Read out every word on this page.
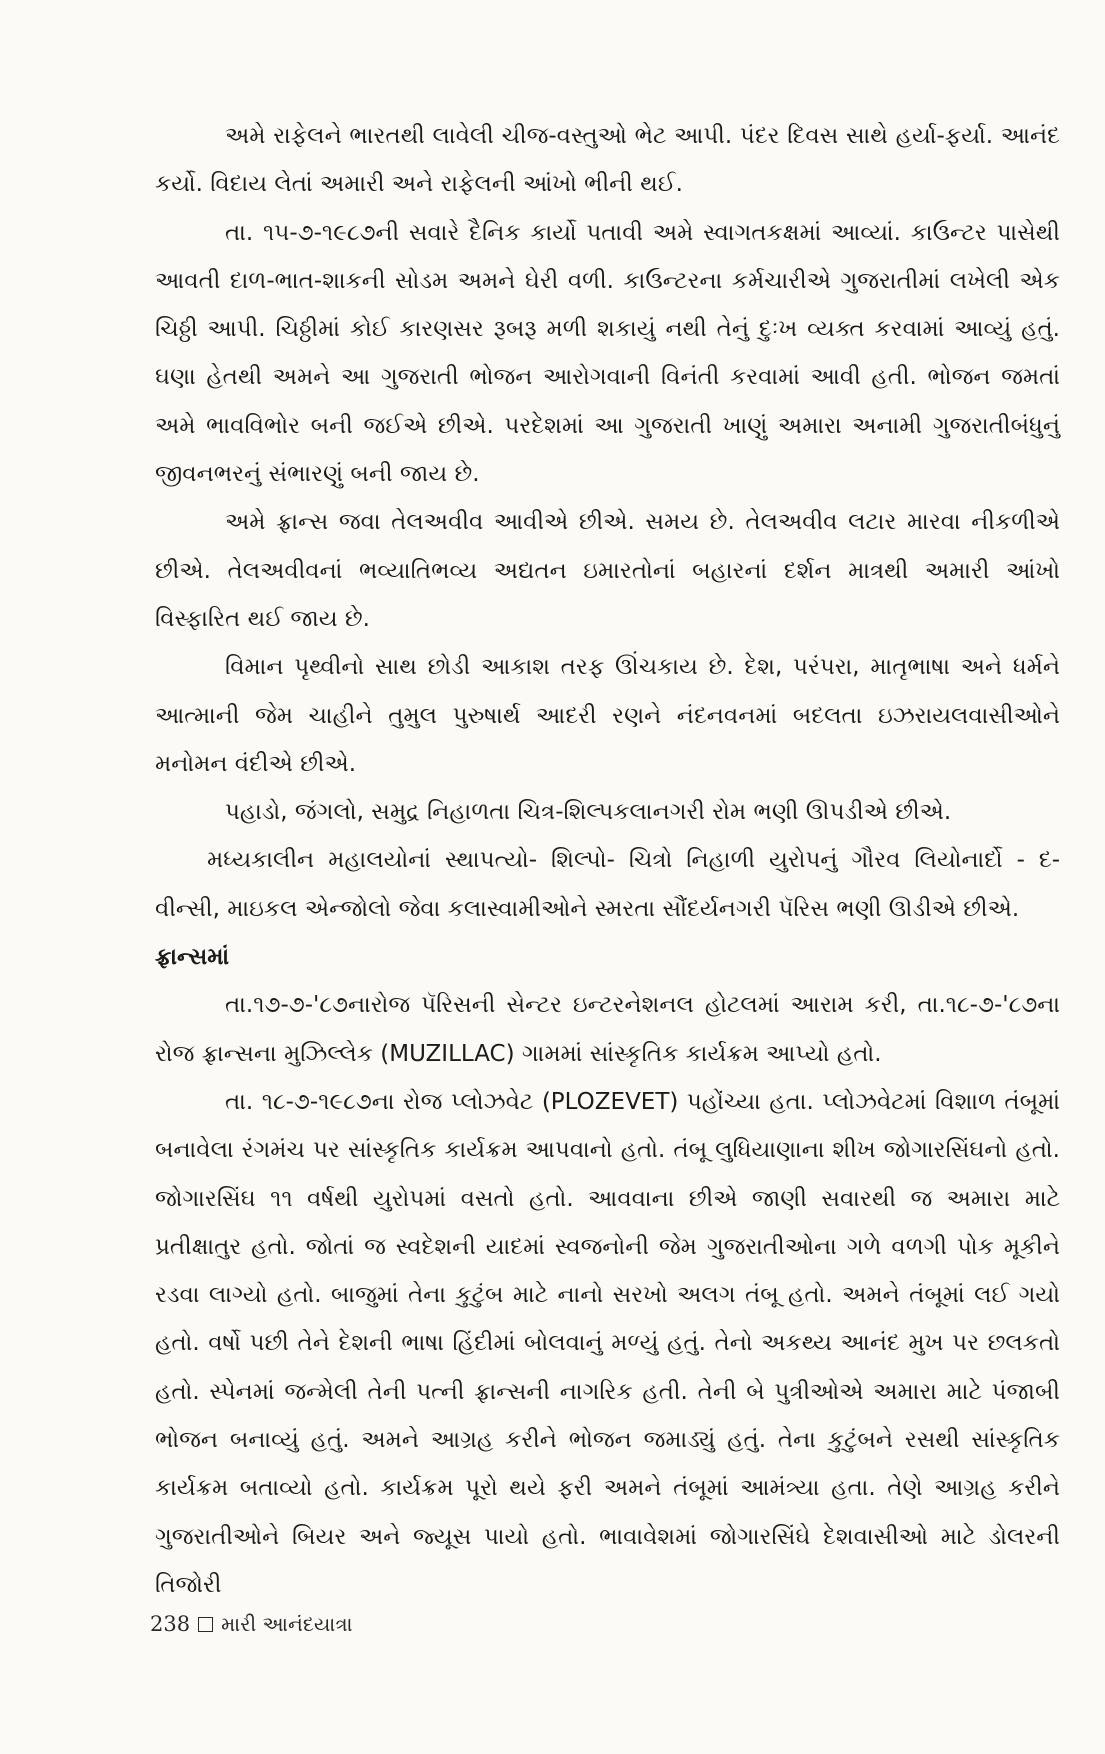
અમે રાફેલને ભારતથી લાવેલી ચીજ-વસ્તુઓ ભેટ આપી. પંદર દિવસ સાથે હર્યા-ફર્યા. આનંદ કર્યો. વિદાય લેતાં અમારી અને રાફેલની આંખો ભીની થઈ.

તા. ૧૫-૭-૧૯૮૭ની સવારે દૈનિક કાર્યો પતાવી અમે સ્વાગતકક્ષમાં આવ્યાં. કાઉન્ટર પાસેથી આવતી દાળ-ભાત-શાકની સોડમ અમને ઘેરી વળી. કાઉન્ટરના કર્મચારીએ ગુજરાતીમાં લખેલી એક ચિઠ્ઠી આપી. ચિઠ્ઠીમાં કોઈ કારણસર રૂબરૂ મળી શકાયું નથી તેનું દુઃખ વ્યક્ત કરવામાં આવ્યું હતું. ઘણા હેતથી અમને આ ગુજરાતી ભોજન આરોગવાની વિનંતી કરવામાં આવી હતી. ભોજન જમતાં અમે ભાવવિભોર બની જઈએ છીએ. પરદેશમાં આ ગુજરાતી ખાણું અમારા અનામી ગુજરાતીબંધુનું જીવનભરનું સંભારણું બની જાય છે.

અમે ફ્રાન્સ જવા તેલઅવીવ આવીએ છીએ. સમય છે. તેલઅવીવ લટાર મારવા નીકળીએ છીએ. તેલઅવીવનાં ભવ્યાતિભવ્ય અદ્યતન ઇમારતોનાં બહારનાં દર્શન માત્રથી અમારી આંખો વિસ્ફારિત થઈ જાય છે.

વિમાન પૃથ્વીનો સાથ છોડી આકાશ તરફ ઊંચકાય છે. દેશ, પરંપરા, માતૃભાષા અને ધર્મને આત્માની જેમ ચાહીને તુમુલ પુરુષાર્થ આદરી રણને નંદનવનમાં બદલતા ઇઝરાયલવાસીઓને મનોમન વંદીએ છીએ.

પહાડો, જંગલો, સમુદ્ર નિહાળતા ચિત્ર-શિલ્પકલાનગરી રોમ ભણી ઊપડીએ છીએ.

મધ્યકાલીન મહાલયોનાં સ્થાપત્યો- શિલ્પો- ચિત્રો નિહાળી યુરોપનું ગૌરવ લિયોનાર્દો - દ- વીન્સી, માઇકલ એન્જોલો જેવા કલાસ્વામીઓને સ્મરતા સૌંદર્યનગરી પૅરિસ ભણી ઊડીએ છીએ.

ફ્રાન્સમાં

તા.૧૭-૭-'૮૭નારોજ પૅરિસની સેન્ટર ઇન્ટરનેશનલ હોટલમાં આરામ કરી, તા.૧૮-૭-'૮૭ના રોજ ફ્રાન્સના મુઝિલ્લેક (MUZILLAC) ગામમાં સાંસ્કૃતિક કાર્યક્રમ આપ્યો હતો.

તા. ૧૮-૭-૧૯૮૭ના રોજ પ્લોઝવેટ (PLOZEVET) પહોંચ્યા હતા. પ્લોઝવેટમાં વિશાળ તંબૂમાં બનાવેલા રંગમંચ પર સાંસ્કૃતિક કાર્યક્રમ આપવાનો હતો. તંબૂ લુધિયાણાના શીખ જોગારસિંઘનો હતો. જોગારસિંઘ ૧૧ વર્ષથી યુરોપમાં વસતો હતો. આવવાના છીએ જાણી સવારથી જ અમારા માટે પ્રતીક્ષાતુર હતો. જોતાં જ સ્વદેશની યાદમાં સ્વજનોની જેમ ગુજરાતીઓના ગળે વળગી પોક મૂકીને રડવા લાગ્યો હતો. બાજુમાં તેના કુટુંબ માટે નાનો સરખો અલગ તંબૂ હતો. અમને તંબૂમાં લઈ ગયો હતો. વર્ષો પછી તેને દેશની ભાષા હિંદીમાં બોલવાનું મળ્યું હતું. તેનો અકથ્ય આનંદ મુખ પર છલકતો હતો. સ્પેનમાં જન્મેલી તેની પત્ની ફ્રાન્સની નાગરિક હતી. તેની બે પુત્રીઓએ અમારા માટે પંજાબી ભોજન બનાવ્યું હતું. અમને આગ્રહ કરીને ભોજન જમાડ્યું હતું. તેના કુટુંબને રસથી સાંસ્કૃતિક કાર્યક્રમ બતાવ્યો હતો. કાર્યક્રમ પૂરો થયે ફરી અમને તંબૂમાં આમંત્ર્યા હતા. તેણે આગ્રહ કરીને ગુજરાતીઓને બિયર અને જ્યૂસ પાયો હતો. ભાવાવેશમાં જોગારસિંઘે દેશવાસીઓ માટે ડોલરની તિજોરી

238 મારી આનંદયાત્રા
